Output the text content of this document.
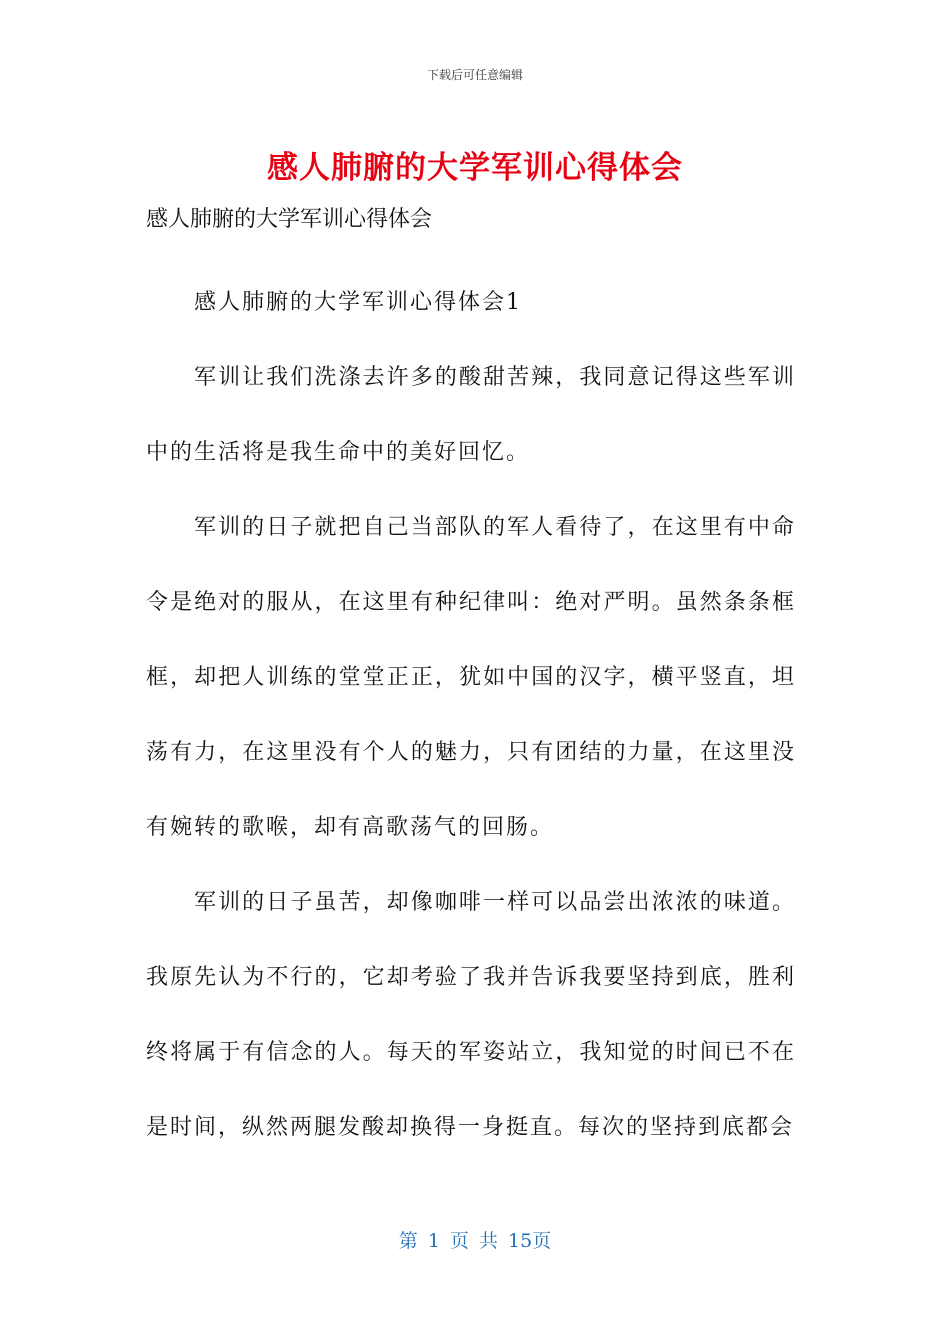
下载后可任意编辑
感人肺腑的大学军训心得体会
感人肺腑的大学军训心得体会

感人肺腑的大学军训心得体会1

军训让我们洗涤去许多的酸甜苦辣，我同意记得这些军训中的生活将是我生命中的美好回忆。

军训的日子就把自己当部队的军人看待了，在这里有中命令是绝对的服从，在这里有种纪律叫：绝对严明。虽然条条框框，却把人训练的堂堂正正，犹如中国的汉字，横平竖直，坦荡有力，在这里没有个人的魅力，只有团结的力量，在这里没有婉转的歌喉，却有高歌荡气的回肠。

军训的日子虽苦，却像咖啡一样可以品尝出浓浓的味道。我原先认为不行的，它却考验了我并告诉我要坚持到底，胜利终将属于有信念的人。每天的军姿站立，我知觉的时间已不在是时间，纵然两腿发酸却换得一身挺直。每次的坚持到底都会

第 1 页 共 15页
